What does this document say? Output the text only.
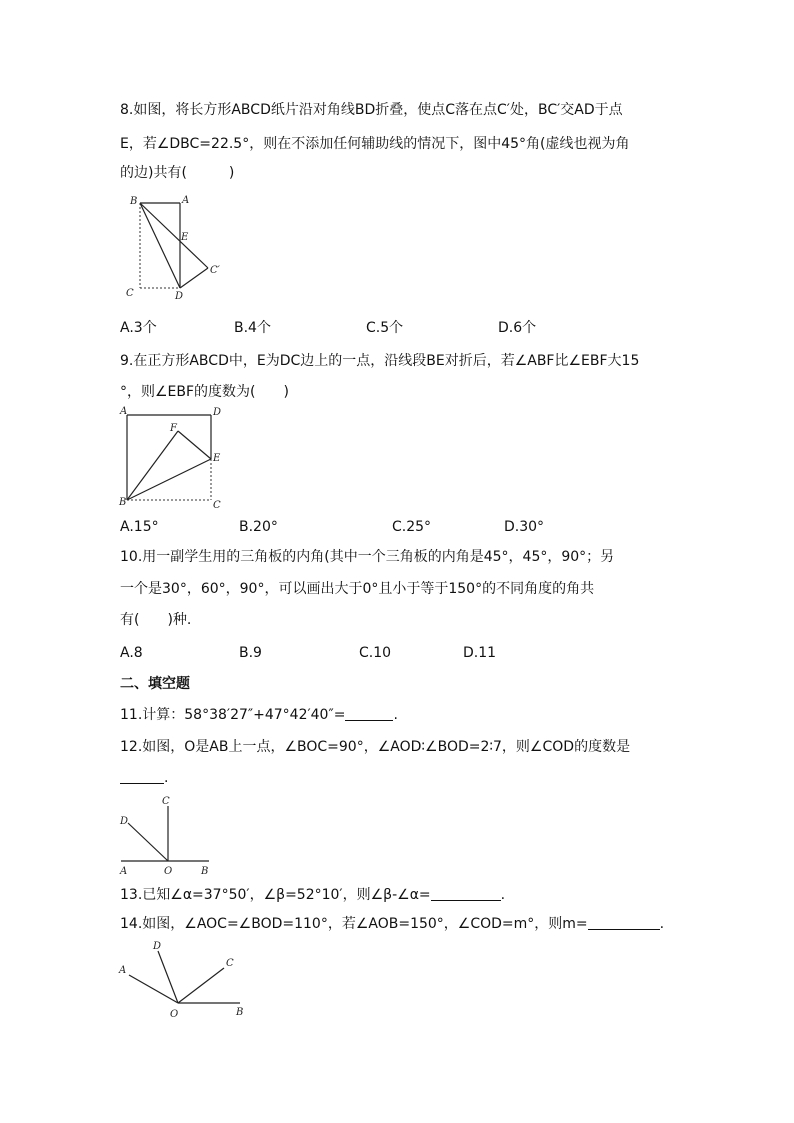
8.如图，将长方形ABCD纸片沿对角线BD折叠，使点C落在点C′处，BC′交AD于点
E，若∠DBC=22.5°，则在不添加任何辅助线的情况下，图中45°角(虚线也视为角
的边)共有(　　　)
B	A
E
C′
C	D
A.3个	B.4个	C.5个	D.6个
9.在正方形ABCD中，E为DC边上的一点，沿线段BE对折后，若∠ABF比∠EBF大15
°，则∠EBF的度数为(　　)
A	D
F
E
B	C
A.15°	B.20°	C.25°	D.30°
10.用一副学生用的三角板的内角(其中一个三角板的内角是45°，45°，90°；另
一个是30°，60°，90°，可以画出大于0°且小于等于150°的不同角度的角共
有(　　)种.
A.8	B.9	C.10	D.11
二、填空题
11.计算：58°38′27″+47°42′40″=	.
12.如图，O是AB上一点，∠BOC=90°，∠AOD∶∠BOD=2∶7，则∠COD的度数是
.
C
D
A	O	B
13.已知∠α=37°50′，∠β=52°10′，则∠β-∠α=	.
14.如图，∠AOC=∠BOD=110°，若∠AOB=150°，∠COD=m°，则m=	.
D
A
C
O	B
